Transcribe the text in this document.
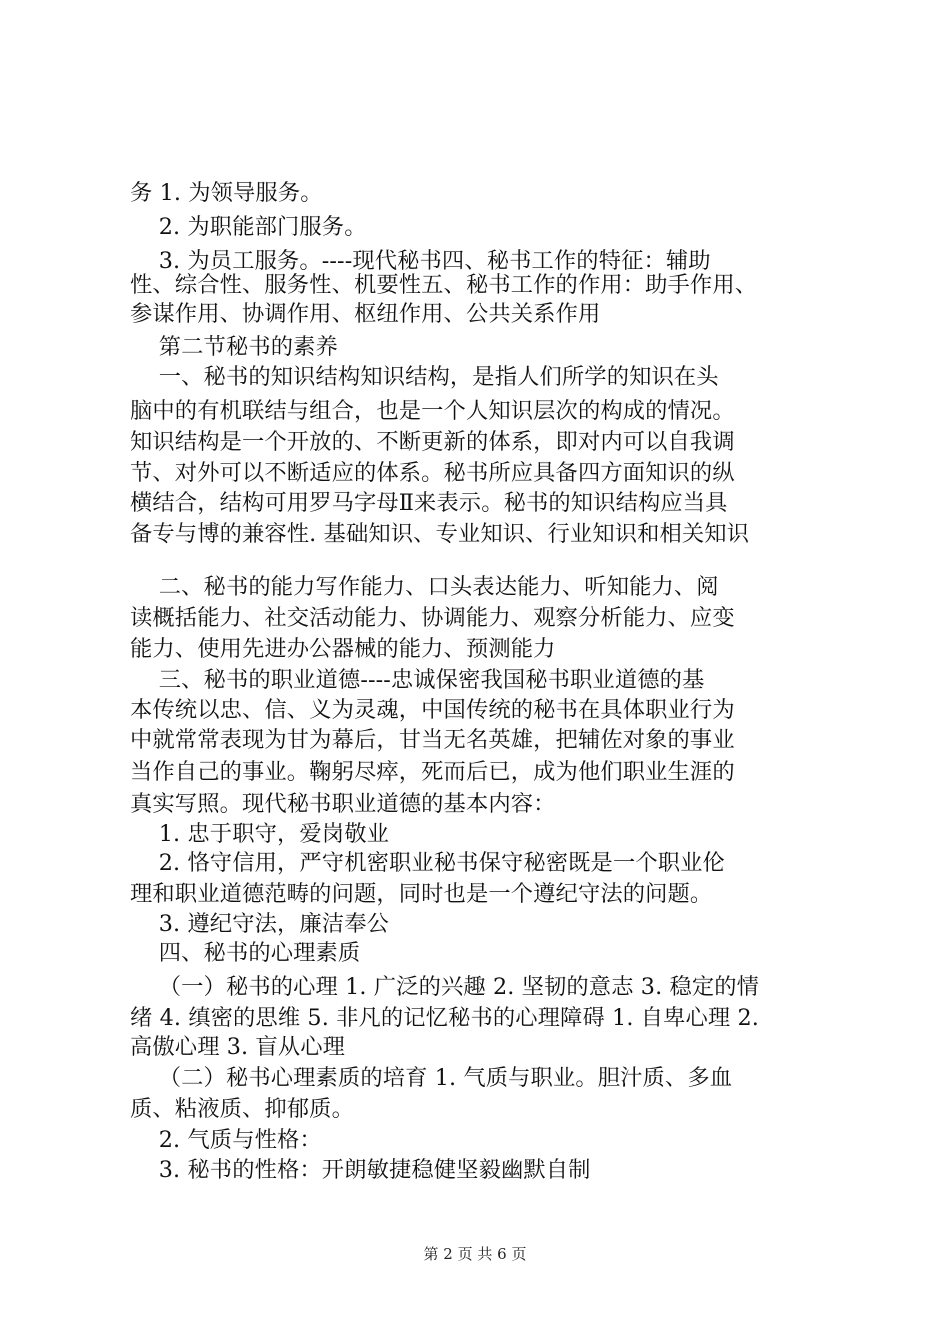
务 1. 为领导服务。
2. 为职能部门服务。
3. 为员工服务。----现代秘书四、秘书工作的特征：辅助
性、综合性、服务性、机要性五、秘书工作的作用：助手作用、
参谋作用、协调作用、枢纽作用、公共关系作用
第二节秘书的素养
一、秘书的知识结构知识结构，是指人们所学的知识在头
脑中的有机联结与组合，也是一个人知识层次的构成的情况。
知识结构是一个开放的、不断更新的体系，即对内可以自我调
节、对外可以不断适应的体系。秘书所应具备四方面知识的纵
横结合，结构可用罗马字母Ⅱ来表示。秘书的知识结构应当具
备专与博的兼容性. 基础知识、专业知识、行业知识和相关知识
二、秘书的能力写作能力、口头表达能力、听知能力、阅
读概括能力、社交活动能力、协调能力、观察分析能力、应变
能力、使用先进办公器械的能力、预测能力
三、秘书的职业道德----忠诚保密我国秘书职业道德的基
本传统以忠、信、义为灵魂，中国传统的秘书在具体职业行为
中就常常表现为甘为幕后，甘当无名英雄，把辅佐对象的事业
当作自己的事业。鞠躬尽瘁，死而后已，成为他们职业生涯的
真实写照。现代秘书职业道德的基本内容：
1. 忠于职守，爱岗敬业
2. 恪守信用，严守机密职业秘书保守秘密既是一个职业伦
理和职业道德范畴的问题，同时也是一个遵纪守法的问题。
3. 遵纪守法，廉洁奉公
四、秘书的心理素质
（一）秘书的心理 1. 广泛的兴趣 2. 坚韧的意志 3. 稳定的情
绪 4. 缜密的思维 5. 非凡的记忆秘书的心理障碍 1. 自卑心理 2.
高傲心理 3. 盲从心理
（二）秘书心理素质的培育 1. 气质与职业。胆汁质、多血
质、粘液质、抑郁质。
2. 气质与性格：
3. 秘书的性格：开朗敏捷稳健坚毅幽默自制
第 2 页 共 6 页
